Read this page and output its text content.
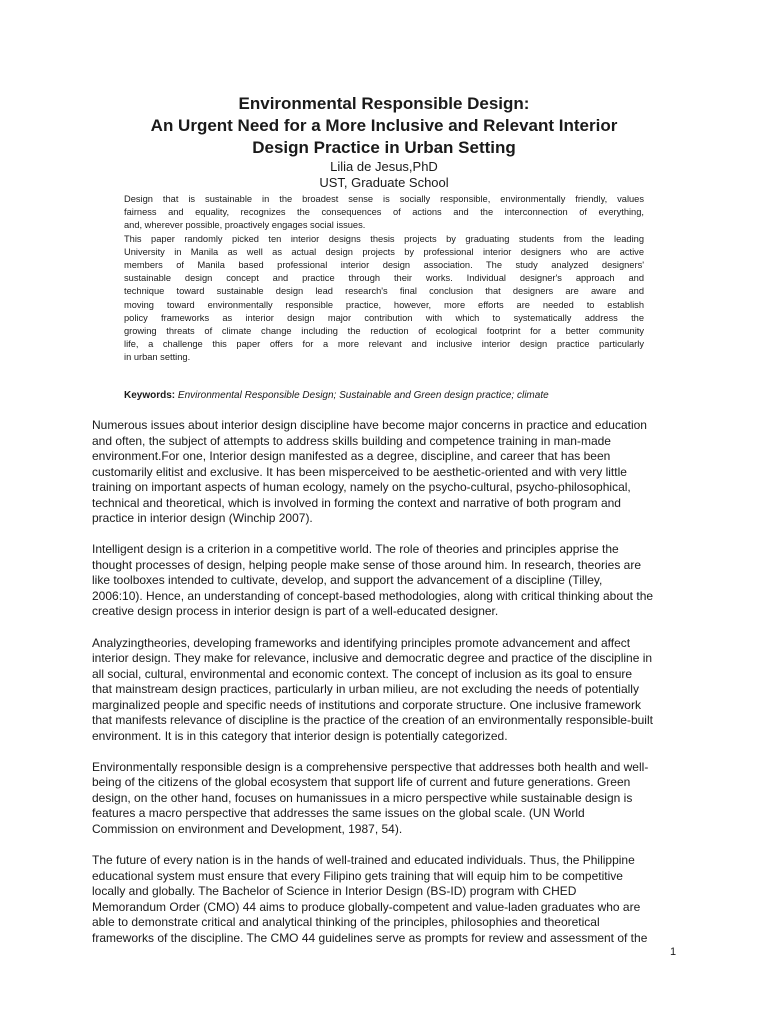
Environmental Responsible Design:
An Urgent Need for a More Inclusive and Relevant Interior
Design Practice in Urban Setting
Lilia de Jesus,PhD
UST, Graduate School

Design that is sustainable in the broadest sense is socially responsible, environmentally friendly, values

fairness and equality, recognizes the consequences of actions and the interconnection of everything,

and, wherever possible, proactively engages social issues.

This paper randomly picked ten interior designs thesis projects by graduating students from the leading

University in Manila as well as actual design projects by professional interior designers who are active

members of Manila based professional interior design association. The study analyzed designers'

sustainable design concept and practice through their works. Individual designer's approach and

technique toward sustainable design lead research's final conclusion that designers are aware and

moving toward environmentally responsible practice, however, more efforts are needed to establish

policy frameworks as interior design major contribution with which to systematically address the

growing threats of climate change including the reduction of ecological footprint for a better community

life, a challenge this paper offers for a more relevant and inclusive interior design practice particularly

in urban setting.

Keywords: Environmental Responsible Design; Sustainable and Green design practice; climate

Numerous issues about interior design discipline have become major concerns in practice and education
and often, the subject of attempts to address skills building and competence training in man-made
environment.For one, Interior design manifested as a degree, discipline, and career that has been
customarily elitist and exclusive. It has been misperceived to be aesthetic-oriented and with very little
training on important aspects of human ecology, namely on the psycho-cultural, psycho-philosophical,
technical and theoretical, which is involved in forming the context and narrative of both program and
practice in interior design (Winchip 2007).

Intelligent design is a criterion in a competitive world. The role of theories and principles apprise the
thought processes of design, helping people make sense of those around him. In research, theories are
like toolboxes intended to cultivate, develop, and support the advancement of a discipline (Tilley,
2006:10). Hence, an understanding of concept-based methodologies, along with critical thinking about the
creative design process in interior design is part of a well-educated designer.

Analyzingtheories, developing frameworks and identifying principles promote advancement and affect
interior design. They make for relevance, inclusive and democratic degree and practice of the discipline in
all social, cultural, environmental and economic context. The concept of inclusion as its goal to ensure
that mainstream design practices, particularly in urban milieu, are not excluding the needs of potentially
marginalized people and specific needs of institutions and corporate structure. One inclusive framework
that manifests relevance of discipline is the practice of the creation of an environmentally responsible-built
environment. It is in this category that interior design is potentially categorized.

Environmentally responsible design is a comprehensive perspective that addresses both health and well-
being of the citizens of the global ecosystem that support life of current and future generations. Green
design, on the other hand, focuses on humanissues in a micro perspective while sustainable design is
features a macro perspective that addresses the same issues on the global scale. (UN World
Commission on environment and Development, 1987, 54).

The future of every nation is in the hands of well-trained and educated individuals. Thus, the Philippine
educational system must ensure that every Filipino gets training that will equip him to be competitive
locally and globally. The Bachelor of Science in Interior Design (BS-ID) program with CHED
Memorandum Order (CMO) 44 aims to produce globally-competent and value-laden graduates who are
able to demonstrate critical and analytical thinking of the principles, philosophies and theoretical
frameworks of the discipline. The CMO 44 guidelines serve as prompts for review and assessment of the

1
